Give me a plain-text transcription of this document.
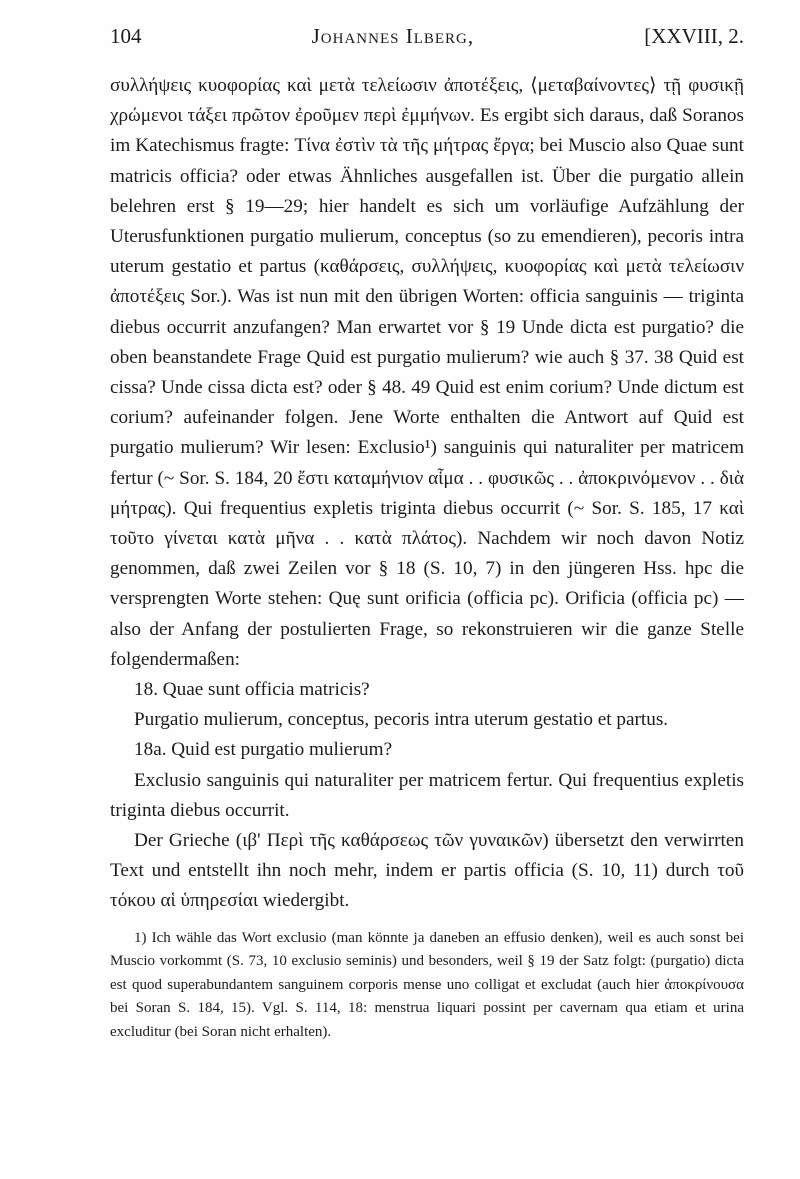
104	Johannes Ilberg,	[XXVIII, 2.

συλλήψεις κυοφορίας καὶ μετὰ τελείωσιν ἀποτέξεις, ⟨μεταβαίνοντες⟩ τῇ φυσικῇ χρώμενοι τάξει πρῶτον ἐροῦμεν περὶ ἐμμήνων. Es ergibt sich daraus, daß Soranos im Katechismus fragte: Τίνα ἐστὶν τὰ τῆς μήτρας ἔργα; bei Muscio also Quae sunt matricis officia? oder etwas Ähnliches ausgefallen ist. Über die purgatio allein belehren erst § 19—29; hier handelt es sich um vorläufige Aufzählung der Uterusfunktionen purgatio mulierum, conceptus (so zu emendieren), pecoris intra uterum gestatio et partus (καθάρσεις, συλλήψεις, κυοφορίας καὶ μετὰ τελείωσιν ἀποτέξεις Sor.). Was ist nun mit den übrigen Worten: officia sanguinis — triginta diebus occurrit anzufangen? Man erwartet vor § 19 Unde dicta est purgatio? die oben beanstandete Frage Quid est purgatio mulierum? wie auch § 37. 38 Quid est cissa? Unde cissa dicta est? oder § 48. 49 Quid est enim corium? Unde dictum est corium? aufeinander folgen. Jene Worte enthalten die Antwort auf Quid est purgatio mulierum? Wir lesen: Exclusio¹) sanguinis qui naturaliter per matricem fertur (~ Sor. S. 184, 20 ἔστι καταμήνιον αἷμα . . φυσικῶς . . ἀποκρινόμενον . . διὰ μήτρας). Qui frequentius expletis triginta diebus occurrit (~ Sor. S. 185, 17 καὶ τοῦτο γίνεται κατὰ μῆνα . . κατὰ πλάτος). Nachdem wir noch davon Notiz genommen, daß zwei Zeilen vor § 18 (S. 10, 7) in den jüngeren Hss. hpc die versprengten Worte stehen: Quę sunt orificia (officia pc). Orificia (officia pc) — also der Anfang der postulierten Frage, so rekonstruieren wir die ganze Stelle folgendermaßen:

18. Quae sunt officia matricis?

Purgatio mulierum, conceptus, pecoris intra uterum gestatio et partus.

18a. Quid est purgatio mulierum?

Exclusio sanguinis qui naturaliter per matricem fertur. Qui frequentius expletis triginta diebus occurrit.

Der Grieche (ιβ' Περὶ τῆς καθάρσεως τῶν γυναικῶν) übersetzt den verwirrten Text und entstellt ihn noch mehr, indem er partis officia (S. 10, 11) durch τοῦ τόκου αἱ ὑπηρεσίαι wiedergibt.

1) Ich wähle das Wort exclusio (man könnte ja daneben an effusio denken), weil es auch sonst bei Muscio vorkommt (S. 73, 10 exclusio seminis) und besonders, weil § 19 der Satz folgt: (purgatio) dicta est quod superabundantem sanguinem corporis mense uno colligat et excludat (auch hier ἀποκρίνουσα bei Soran S. 184, 15). Vgl. S. 114, 18: menstrua liquari possint per cavernam qua etiam et urina excluditur (bei Soran nicht erhalten).
